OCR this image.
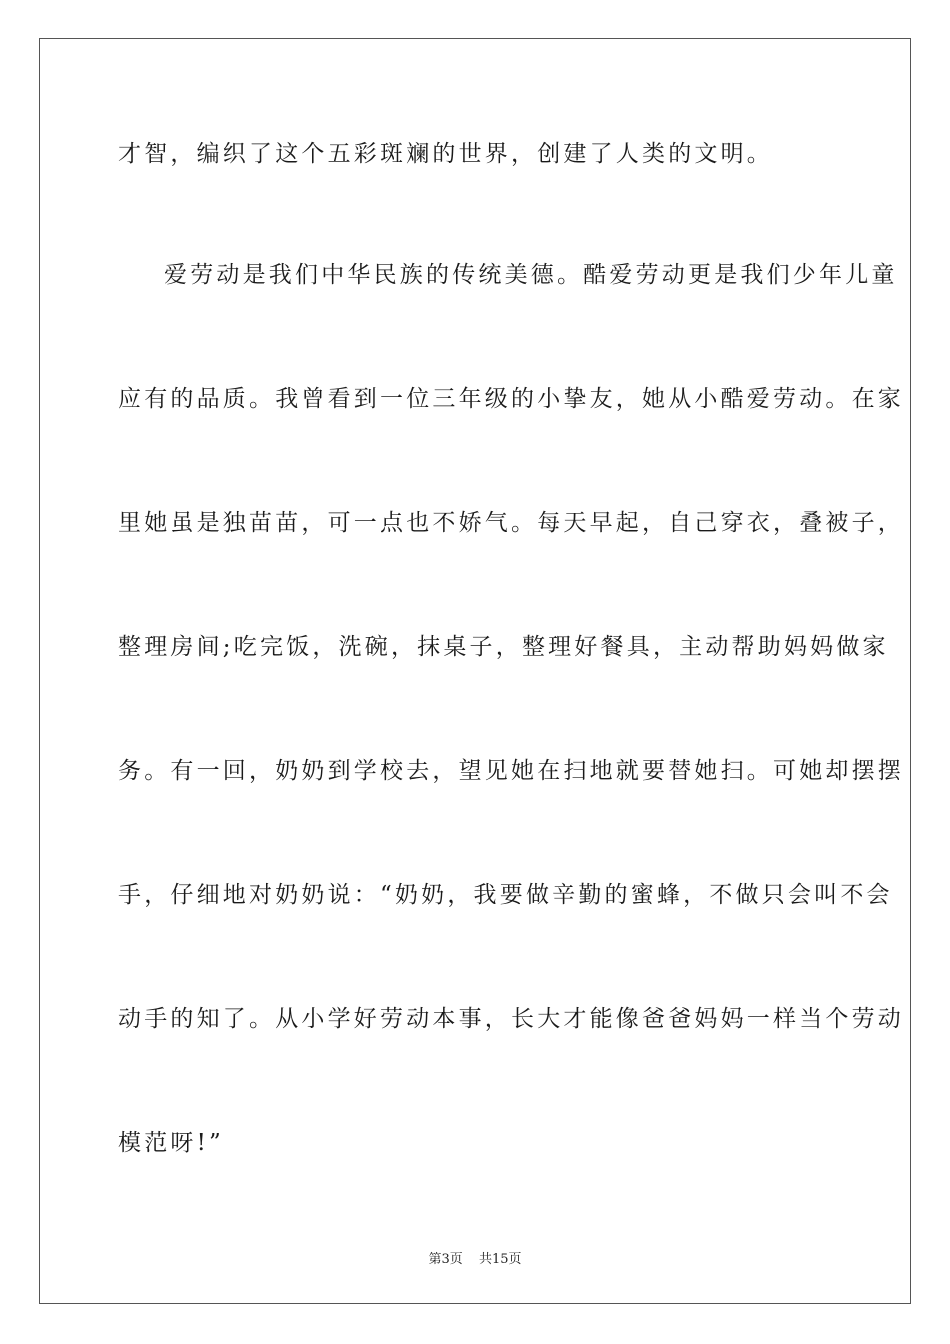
才智，编织了这个五彩斑斓的世界，创建了人类的文明。
爱劳动是我们中华民族的传统美德。酷爱劳动更是我们少年儿童
应有的品质。我曾看到一位三年级的小挚友，她从小酷爱劳动。在家
里她虽是独苗苗，可一点也不娇气。每天早起，自己穿衣，叠被子，
整理房间;吃完饭，洗碗，抹桌子，整理好餐具，主动帮助妈妈做家
务。有一回，奶奶到学校去，望见她在扫地就要替她扫。可她却摆摆
手，仔细地对奶奶说：“奶奶，我要做辛勤的蜜蜂，不做只会叫不会
动手的知了。从小学好劳动本事，长大才能像爸爸妈妈一样当个劳动
模范呀!”
第3页 共15页
